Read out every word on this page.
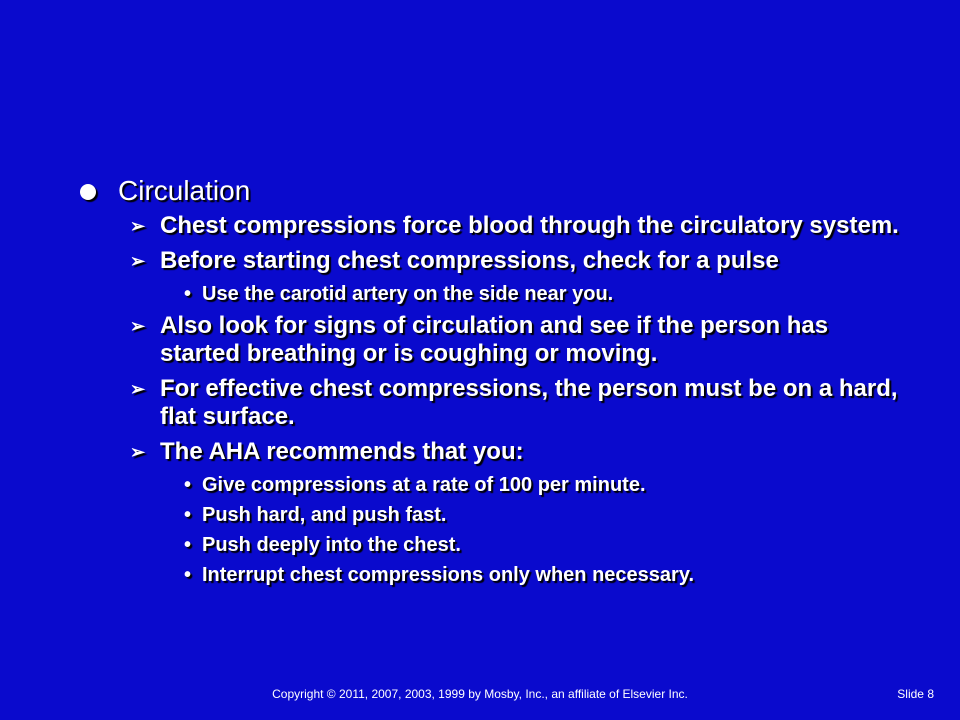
Circulation
➢ Chest compressions force blood through the circulatory system.
➢ Before starting chest compressions, check for a pulse
• Use the carotid artery on the side near you.
➢ Also look for signs of circulation and see if the person has started breathing or is coughing or moving.
➢ For effective chest compressions, the person must be on a hard, flat surface.
➢ The AHA recommends that you:
• Give compressions at a rate of 100 per minute.
• Push hard, and push fast.
• Push deeply into the chest.
• Interrupt chest compressions only when necessary.
Copyright © 2011, 2007, 2003, 1999 by Mosby, Inc., an affiliate of Elsevier Inc.	Slide 8
